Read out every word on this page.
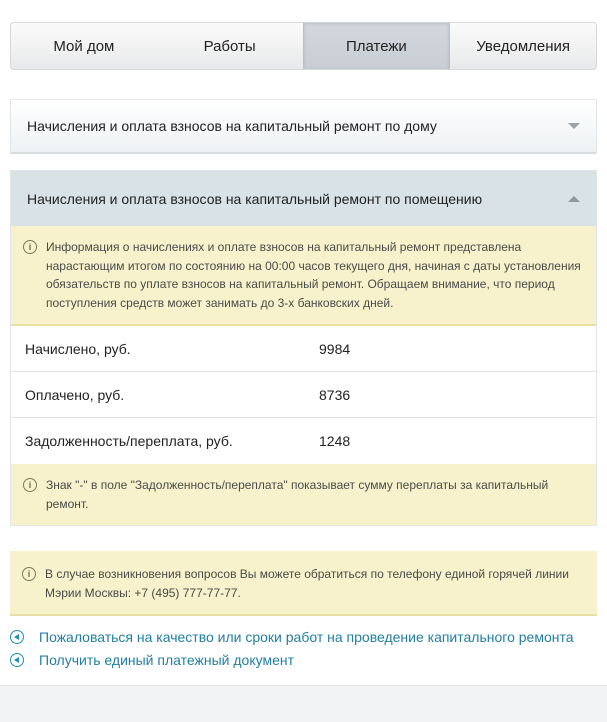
Мой дом	Работы	Платежи	Уведомления
Начисления и оплата взносов на капитальный ремонт по дому
Начисления и оплата взносов на капитальный ремонт по помещению
i	Информация о начислениях и оплате взносов на капитальный ремонт представлена нарастающим итогом по состоянию на 00:00 часов текущего дня, начиная с даты установления обязательств по уплате взносов на капитальный ремонт. Обращаем внимание, что период поступления средств может занимать до 3-х банковских дней.
Начислено, руб.	9984
Оплачено, руб.	8736
Задолженность/переплата, руб.	1248
i	Знак "-" в поле "Задолженность/переплата" показывает сумму переплаты за капитальный ремонт.
i	В случае возникновения вопросов Вы можете обратиться по телефону единой горячей линии Мэрии Москвы: +7 (495) 777-77-77.
Пожаловаться на качество или сроки работ на проведение капитального ремонта
Получить единый платежный документ
